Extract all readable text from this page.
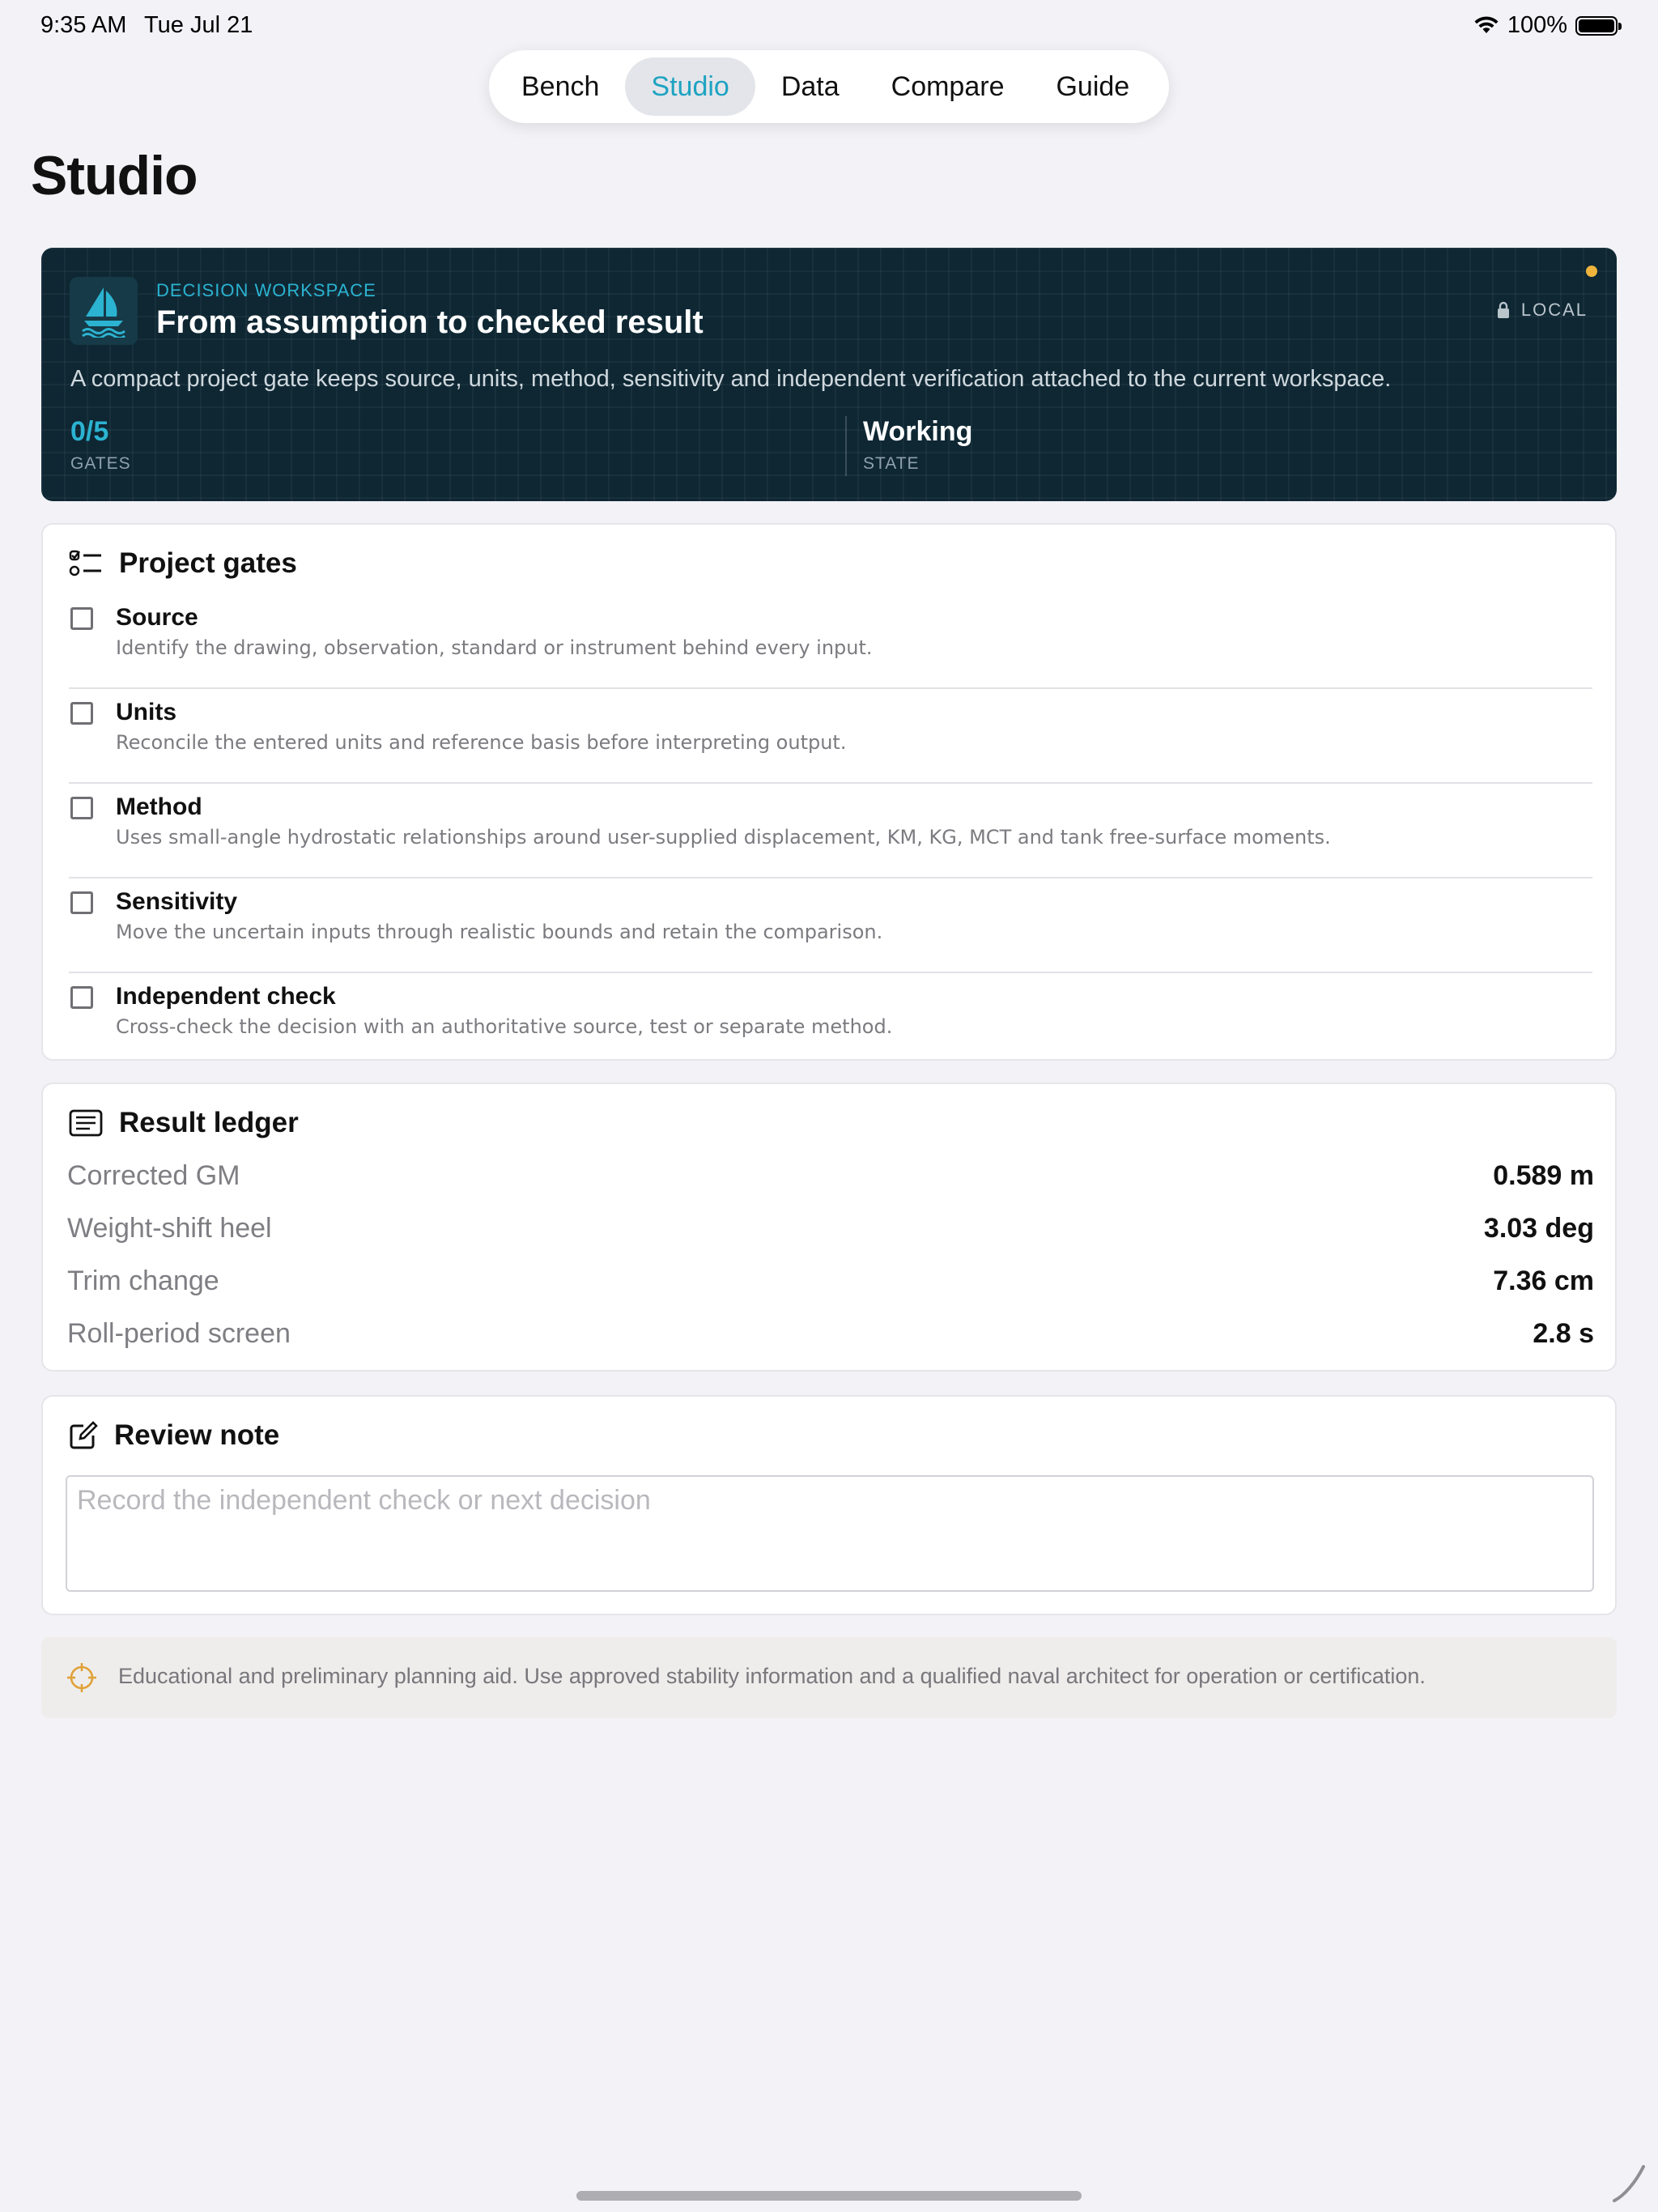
9:35 AM Tue Jul 21	100%
Bench	Studio	Data	Compare	Guide
Studio
DECISION WORKSPACE
From assumption to checked result	LOCAL
A compact project gate keeps source, units, method, sensitivity and independent verification attached to the current workspace.
0/5
GATES
Working
STATE
Project gates
Source
Identify the drawing, observation, standard or instrument behind every input.
Units
Reconcile the entered units and reference basis before interpreting output.
Method
Uses small-angle hydrostatic relationships around user-supplied displacement, KM, KG, MCT and tank free-surface moments.
Sensitivity
Move the uncertain inputs through realistic bounds and retain the comparison.
Independent check
Cross-check the decision with an authoritative source, test or separate method.
Result ledger
Corrected GM	0.589 m
Weight-shift heel	3.03 deg
Trim change	7.36 cm
Roll-period screen	2.8 s
Review note
Record the independent check or next decision
Educational and preliminary planning aid. Use approved stability information and a qualified naval architect for operation or certification.
